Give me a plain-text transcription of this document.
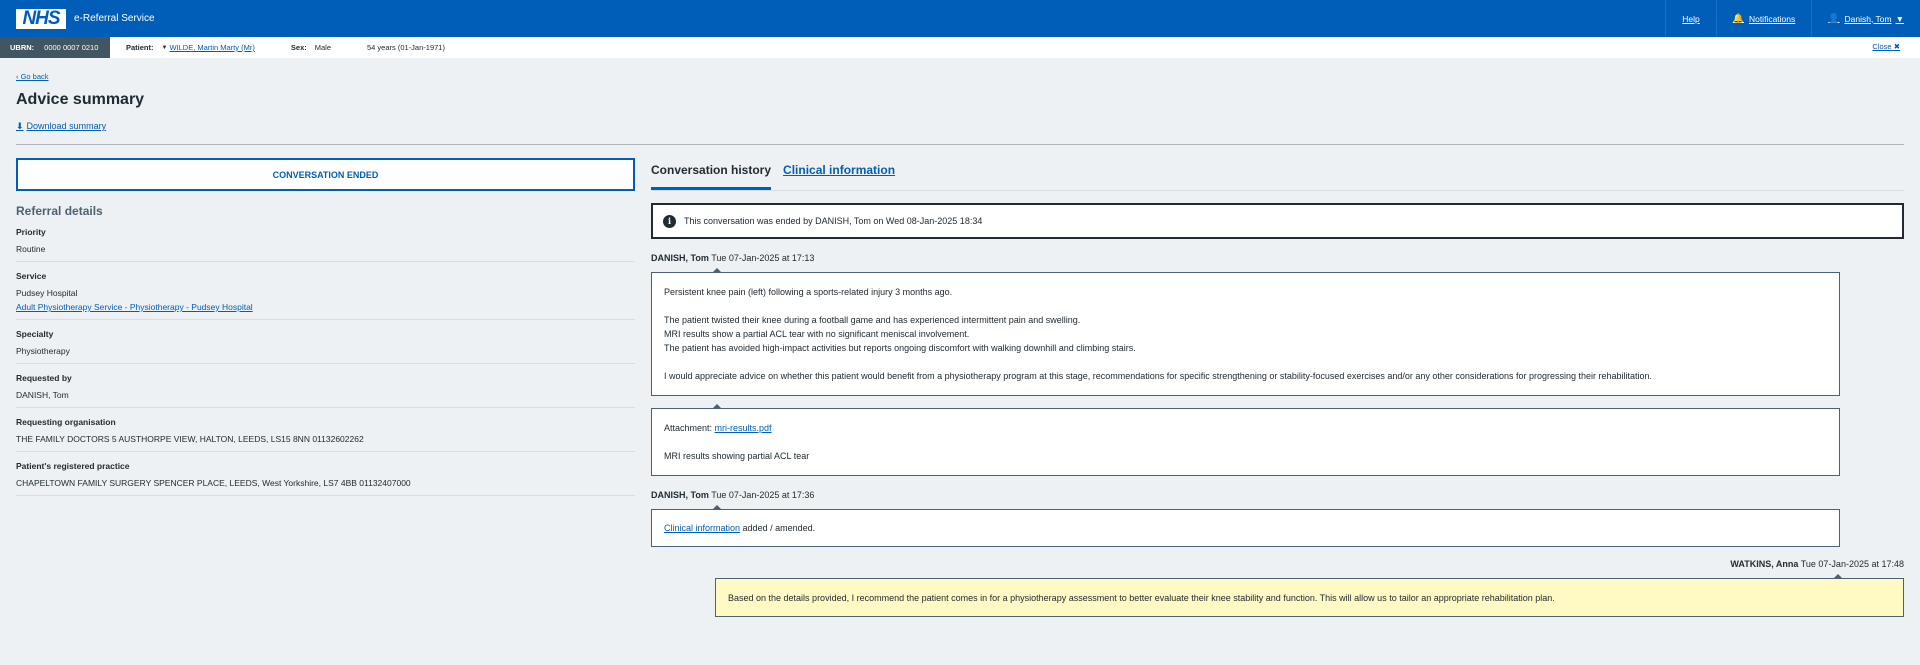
NHS	e-Referral Service	Help	🔔 Notifications	👤 Danish, Tom ▼
UBRN: 0000 0007 0210	Patient: ▼ WILDE, Martin Marty (Mr)	Sex: Male	54 years (01-Jan-1971)	Close ✖
‹ Go back
Advice summary
⬇ Download summary
CONVERSATION ENDED
Referral details
Priority
Routine
Service
Pudsey Hospital
Adult Physiotherapy Service - Physiotherapy - Pudsey Hospital
Specialty
Physiotherapy
Requested by
DANISH, Tom
Requesting organisation
THE FAMILY DOCTORS 5 AUSTHORPE VIEW, HALTON, LEEDS, LS15 8NN 01132602262
Patient's registered practice
CHAPELTOWN FAMILY SURGERY SPENCER PLACE, LEEDS, West Yorkshire, LS7 4BB 01132407000
Conversation history Clinical information
i	This conversation was ended by DANISH, Tom on Wed 08-Jan-2025 18:34
DANISH, Tom Tue 07-Jan-2025 at 17:13

Persistent knee pain (left) following a sports-related injury 3 months ago.

The patient twisted their knee during a football game and has experienced intermittent pain and swelling.

MRI results show a partial ACL tear with no significant meniscal involvement.

The patient has avoided high-impact activities but reports ongoing discomfort with walking downhill and climbing stairs.

I would appreciate advice on whether this patient would benefit from a physiotherapy program at this stage, recommendations for specific strengthening or stability-focused exercises and/or any other considerations for progressing their rehabilitation.

Attachment: mri-results.pdf

MRI results showing partial ACL tear

DANISH, Tom Tue 07-Jan-2025 at 17:36

Clinical information added / amended.

WATKINS, Anna Tue 07-Jan-2025 at 17:48

Based on the details provided, I recommend the patient comes in for a physiotherapy assessment to better evaluate their knee stability and function. This will allow us to tailor an appropriate rehabilitation plan.
